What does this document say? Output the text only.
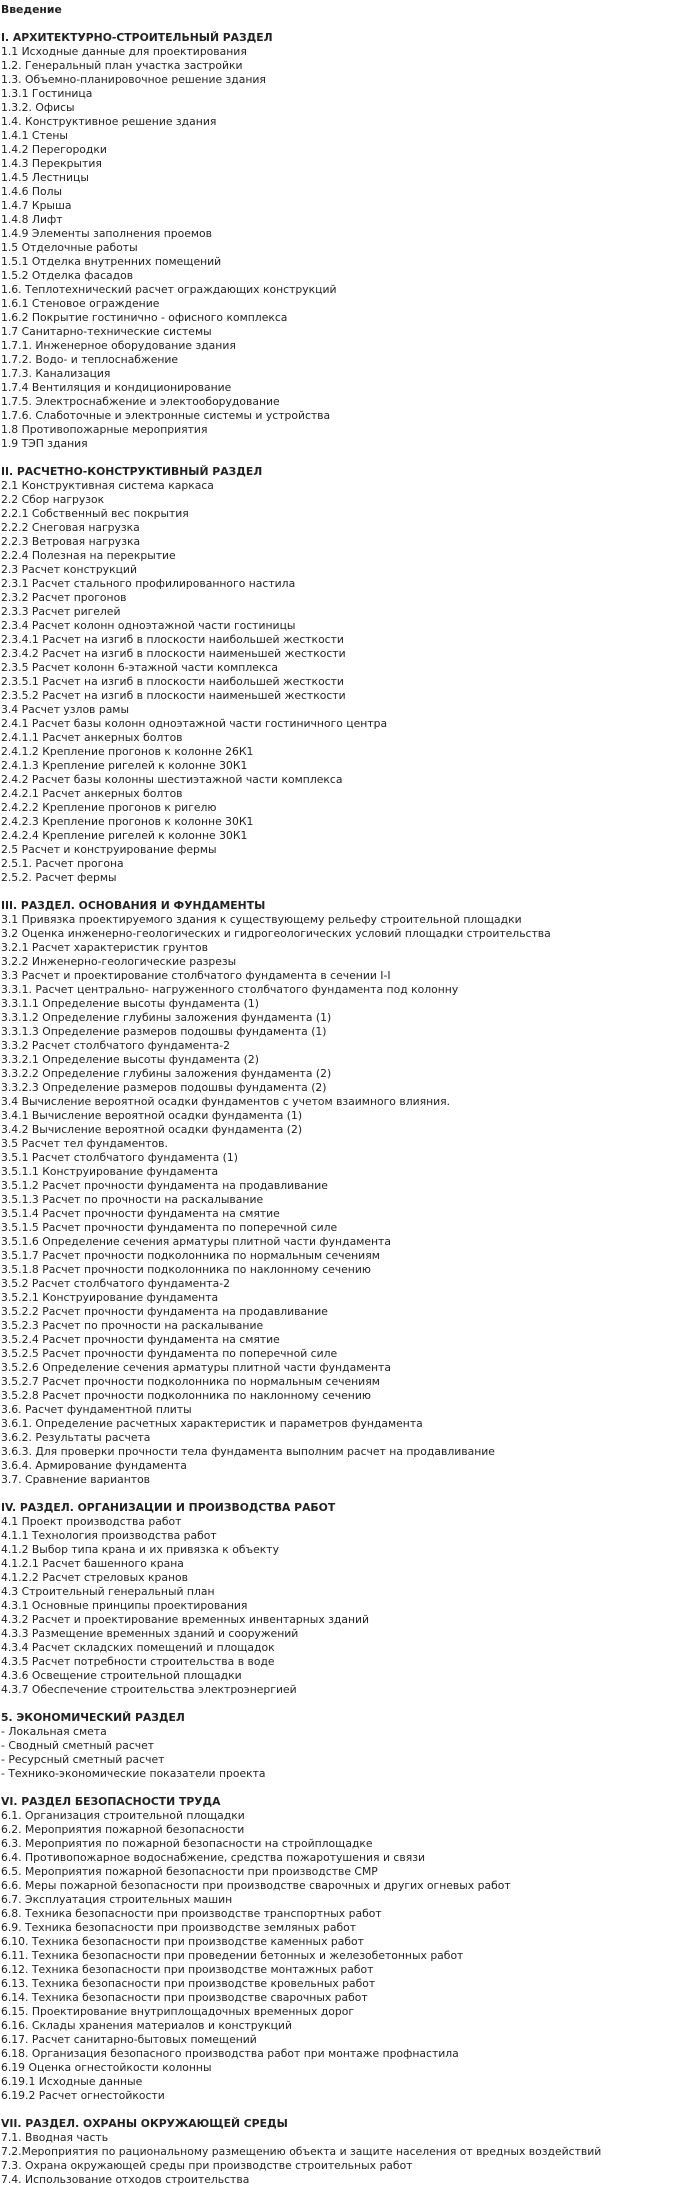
Введение
I. АРХИТЕКТУРНО-СТРОИТЕЛЬНЫЙ РАЗДЕЛ
1.1 Исходные данные для проектирования
1.2. Генеральный план участка застройки
1.3. Объемно-планировочное решение здания
1.3.1 Гостиница
1.3.2. Офисы
1.4. Конструктивное решение здания
1.4.1 Стены
1.4.2 Перегородки
1.4.3 Перекрытия
1.4.5 Лестницы
1.4.6 Полы
1.4.7 Крыша
1.4.8 Лифт
1.4.9 Элементы заполнения проемов
1.5 Отделочные работы
1.5.1 Отделка внутренних помещений
1.5.2 Отделка фасадов
1.6. Теплотехнический расчет ограждающих конструкций
1.6.1 Стеновое ограждение
1.6.2 Покрытие гостинично - офисного комплекса
1.7 Санитарно-технические системы
1.7.1. Инженерное оборудование здания
1.7.2. Водо- и теплоснабжение
1.7.3. Канализация
1.7.4 Вентиляция и кондиционирование
1.7.5. Электроснабжение и электооборудование
1.7.6. Слаботочные и электронные системы и устройства
1.8 Противопожарные мероприятия
1.9 ТЭП здания
II. РАСЧЕТНО-КОНСТРУКТИВНЫЙ РАЗДЕЛ
2.1 Конструктивная система каркаса
2.2 Сбор нагрузок
2.2.1 Собственный вес покрытия
2.2.2 Снеговая нагрузка
2.2.3 Ветровая нагрузка
2.2.4 Полезная на перекрытие
2.3 Расчет конструкций
2.3.1 Расчет стального профилированного настила
2.3.2 Расчет прогонов
2.3.3 Расчет ригелей
2.3.4 Расчет колонн одноэтажной части гостиницы
2.3.4.1 Расчет на изгиб в плоскости наибольшей жесткости
2.3.4.2 Расчет на изгиб в плоскости наименьшей жесткости
2.3.5 Расчет колонн 6-этажной части комплекса
2.3.5.1 Расчет на изгиб в плоскости наибольшей жесткости
2.3.5.2 Расчет на изгиб в плоскости наименьшей жесткости
3.4 Расчет узлов рамы
2.4.1 Расчет базы колонн одноэтажной части гостиничного центра
2.4.1.1 Расчет анкерных болтов
2.4.1.2 Крепление прогонов к колонне 26К1
2.4.1.3 Крепление ригелей к колонне 30К1
2.4.2 Расчет базы колонны шестиэтажной части комплекса
2.4.2.1 Расчет анкерных болтов
2.4.2.2 Крепление прогонов к ригелю
2.4.2.3 Крепление прогонов к колонне 30К1
2.4.2.4 Крепление ригелей к колонне 30К1
2.5 Расчет и конструирование фермы
2.5.1. Расчет прогона
2.5.2. Расчет фермы
III. РАЗДЕЛ. ОСНОВАНИЯ И ФУНДАМЕНТЫ
3.1 Привязка проектируемого здания к существующему рельефу строительной площадки
3.2 Оценка инженерно-геологических и гидрогеологических условий площадки строительства
3.2.1 Расчет характеристик грунтов
3.2.2 Инженерно-геологические разрезы
3.3 Расчет и проектирование столбчатого фундамента в сечении I-I
3.3.1. Расчет центрально- нагруженного столбчатого фундамента под колонну
3.3.1.1 Определение высоты фундамента (1)
3.3.1.2 Определение глубины заложения фундамента (1)
3.3.1.3 Определение размеров подошвы фундамента (1)
3.3.2 Расчет столбчатого фундамента-2
3.3.2.1 Определение высоты фундамента (2)
3.3.2.2 Определение глубины заложения фундамента (2)
3.3.2.3 Определение размеров подошвы фундамента (2)
3.4 Вычисление вероятной осадки фундаментов с учетом взаимного влияния.
3.4.1 Вычисление вероятной осадки фундамента (1)
3.4.2 Вычисление вероятной осадки фундамента (2)
3.5 Расчет тел фундаментов.
3.5.1 Расчет столбчатого фундамента (1)
3.5.1.1 Конструирование фундамента
3.5.1.2 Расчет прочности фундамента на продавливание
3.5.1.3 Расчет по прочности на раскалывание
3.5.1.4 Расчет прочности фундамента на смятие
3.5.1.5 Расчет прочности фундамента по поперечной силе
3.5.1.6 Определение сечения арматуры плитной части фундамента
3.5.1.7 Расчет прочности подколонника по нормальным сечениям
3.5.1.8 Расчет прочности подколонника по наклонному сечению
3.5.2 Расчет столбчатого фундамента-2
3.5.2.1 Конструирование фундамента
3.5.2.2 Расчет прочности фундамента на продавливание
3.5.2.3 Расчет по прочности на раскалывание
3.5.2.4 Расчет прочности фундамента на смятие
3.5.2.5 Расчет прочности фундамента по поперечной силе
3.5.2.6 Определение сечения арматуры плитной части фундамента
3.5.2.7 Расчет прочности подколонника по нормальным сечениям
3.5.2.8 Расчет прочности подколонника по наклонному сечению
3.6. Расчет фундаментной плиты
3.6.1. Определение расчетных характеристик и параметров фундамента
3.6.2. Результаты расчета
3.6.3. Для проверки прочности тела фундамента выполним расчет на продавливание
3.6.4. Армирование фундамента
3.7. Сравнение вариантов
IV. РАЗДЕЛ. ОРГАНИЗАЦИИ И ПРОИЗВОДСТВА РАБОТ
4.1 Проект производства работ
4.1.1 Технология производства работ
4.1.2 Выбор типа крана и их привязка к объекту
4.1.2.1 Расчет башенного крана
4.1.2.2 Расчет стреловых кранов
4.3 Строительный генеральный план
4.3.1 Основные принципы проектирования
4.3.2 Расчет и проектирование временных инвентарных зданий
4.3.3 Размещение временных зданий и сооружений
4.3.4 Расчет складских помещений и площадок
4.3.5 Расчет потребности строительства в воде
4.3.6 Освещение строительной площадки
4.3.7 Обеспечение строительства электроэнергией
5. ЭКОНОМИЧЕСКИЙ РАЗДЕЛ
- Локальная смета
- Сводный сметный расчет
- Ресурсный сметный расчет
- Технико-экономические показатели проекта
VI. РАЗДЕЛ БЕЗОПАСНОСТИ ТРУДА
6.1. Организация строительной площадки
6.2. Мероприятия пожарной безопасности
6.3. Мероприятия по пожарной безопасности на стройплощадке
6.4. Противопожарное водоснабжение, средства пожаротушения и связи
6.5. Мероприятия пожарной безопасности при производстве СМР
6.6. Меры пожарной безопасности при производстве сварочных и других огневых работ
6.7. Эксплуатация строительных машин
6.8. Техника безопасности при производстве транспортных работ
6.9. Техника безопасности при производстве земляных работ
6.10. Техника безопасности при производстве каменных работ
6.11. Техника безопасности при проведении бетонных и железобетонных работ
6.12. Техника безопасности при производстве монтажных работ
6.13. Техника безопасности при производстве кровельных работ
6.14. Техника безопасности при производстве сварочных работ
6.15. Проектирование внутриплощадочных временных дорог
6.16. Склады хранения материалов и конструкций
6.17. Расчет санитарно-бытовых помещений
6.18. Организация безопасного производства работ при монтаже профнастила
6.19 Оценка огнестойкости колонны
6.19.1 Исходные данные
6.19.2 Расчет огнестойкости
VII. РАЗДЕЛ. ОХРАНЫ ОКРУЖАЮЩЕЙ СРЕДЫ
7.1. Вводная часть
7.2.Мероприятия по рациональному размещению объекта и защите населения от вредных воздействий
7.3. Охрана окружающей среды при производстве строительных работ
7.4. Использование отходов строительства
